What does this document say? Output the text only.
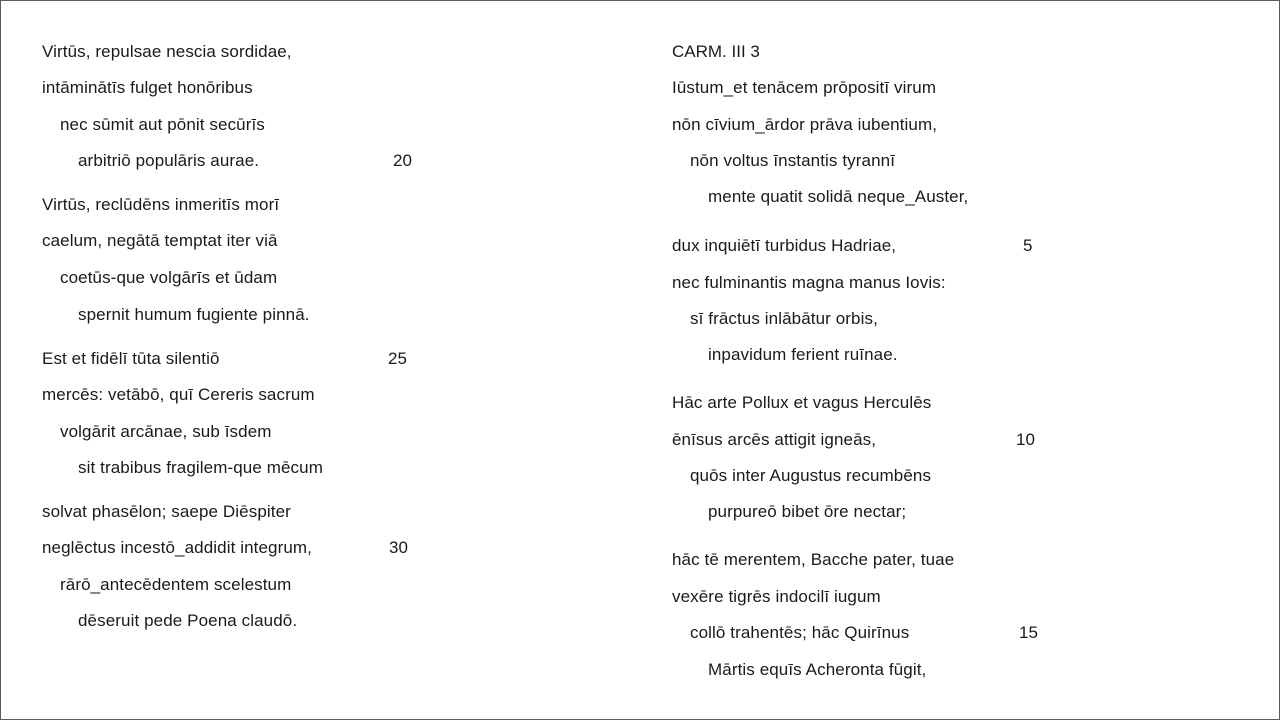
Virtūs, repulsae nescia sordidae,
intāminātīs fulget honōribus
nec sūmit aut pōnit secūrīs
arbitriō populāris aurae.	20
Virtūs, reclūdēns inmeritīs morī
caelum, negātā temptat iter viā
coetūs-que volgārīs et ūdam
spernit humum fugiente pinnā.
Est et fidēlī tūta silentiō	25
mercēs: vetābō, quī Cereris sacrum
volgārit arcānae, sub īsdem
sit trabibus fragilem-que mēcum
solvat phasēlon; saepe Diēspiter
neglēctus incestō_addidit integrum,	30
rārō_antecēdentem scelestum
dēseruit pede Poena claudō.
CARM. III 3
Iūstum_et tenācem prōpositī virum
nōn cīvium_ārdor prāva iubentium,
nōn voltus īnstantis tyrannī
mente quatit solidā neque_Auster,
dux inquiētī turbidus Hadriae,	5
nec fulminantis magna manus Iovis:
sī frāctus inlābātur orbis,
inpavidum ferient ruīnae.
Hāc arte Pollux et vagus Herculēs
ēnīsus arcēs attigit igneās,	10
quōs inter Augustus recumbēns
purpureō bibet ōre nectar;
hāc tē merentem, Bacche pater, tuae
vexēre tigrēs indocilī iugum
collō trahentēs; hāc Quirīnus	15
Mārtis equīs Acheronta fūgit,
